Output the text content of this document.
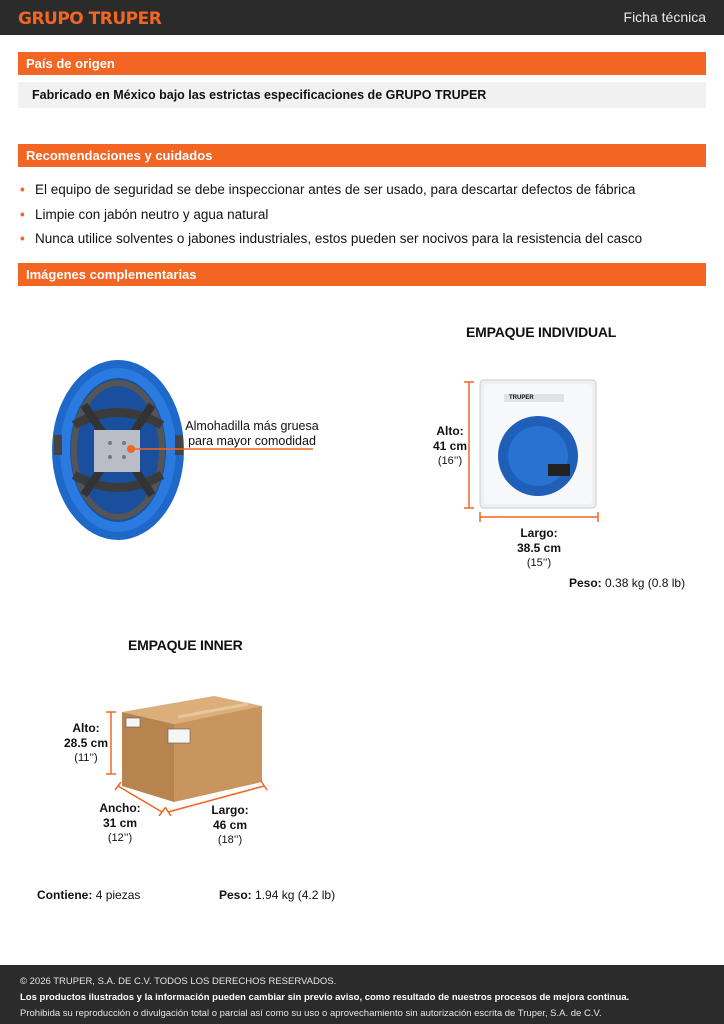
GRUPO TRUPER	Ficha técnica
País de origen
Fabricado en México bajo las estrictas especificaciones de GRUPO TRUPER
Recomendaciones y cuidados
• El equipo de seguridad se debe inspeccionar antes de ser usado, para descartar defectos de fábrica
• Limpie con jabón neutro y agua natural
• Nunca utilice solventes o jabones industriales, estos pueden ser nocivos para la resistencia del casco
Imágenes complementarias
Almohadilla más gruesa
para mayor comodidad
EMPAQUE INDIVIDUAL
TRUPER
Alto:
41 cm
(16’’)
Largo:
38.5 cm
(15’’)
Peso: 0.38 kg (0.8 lb)
EMPAQUE INNER
Alto:
28.5 cm
(11’’)
Ancho:
31 cm
(12’’)
Largo:
46 cm
(18’’)
Contiene: 4 piezas	Peso: 1.94 kg (4.2 lb)
© 2026 TRUPER, S.A. DE C.V. TODOS LOS DERECHOS RESERVADOS.
Los productos ilustrados y la información pueden cambiar sin previo aviso, como resultado de nuestros procesos de mejora continua.
Prohibida su reproducción o divulgación total o parcial así como su uso o aprovechamiento sin autorización escrita de Truper, S.A. de C.V.
